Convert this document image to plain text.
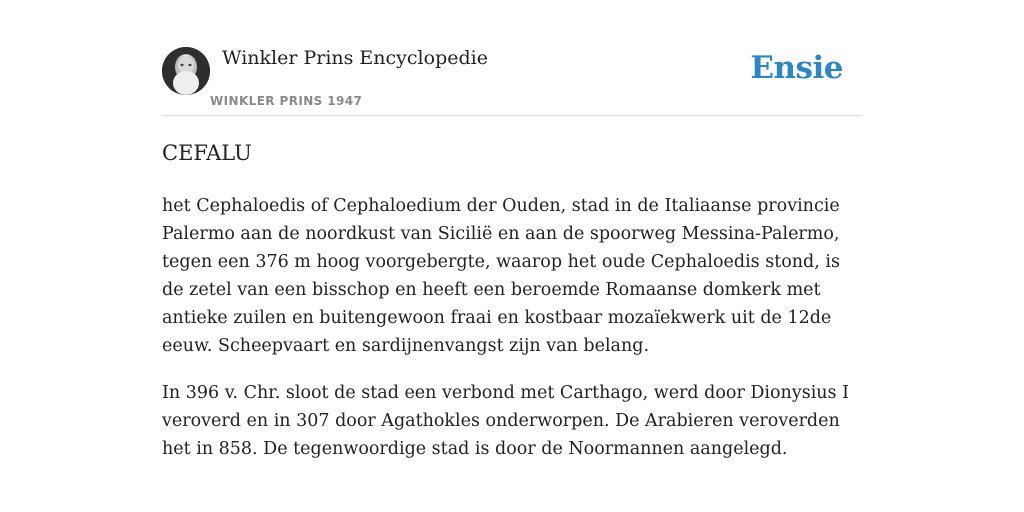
Winkler Prins Encyclopedie
WINKLER PRINS 1947
Ensie
CEFALU

het Cephaloedis of Cephaloedium der Ouden, stad in de Italiaanse provincie Palermo aan de noordkust van Sicilië en aan de spoorweg Messina-Palermo, tegen een 376 m hoog voorgebergte, waarop het oude Cephaloedis stond, is de zetel van een bisschop en heeft een beroemde Romaanse domkerk met antieke zuilen en buitengewoon fraai en kostbaar mozaïekwerk uit de 12de eeuw. Scheepvaart en sardijnenvangst zijn van belang.

In 396 v. Chr. sloot de stad een verbond met Carthago, werd door Dionysius I veroverd en in 307 door Agathokles onderworpen. De Arabieren veroverden het in 858. De tegenwoordige stad is door de Noormannen aangelegd.
